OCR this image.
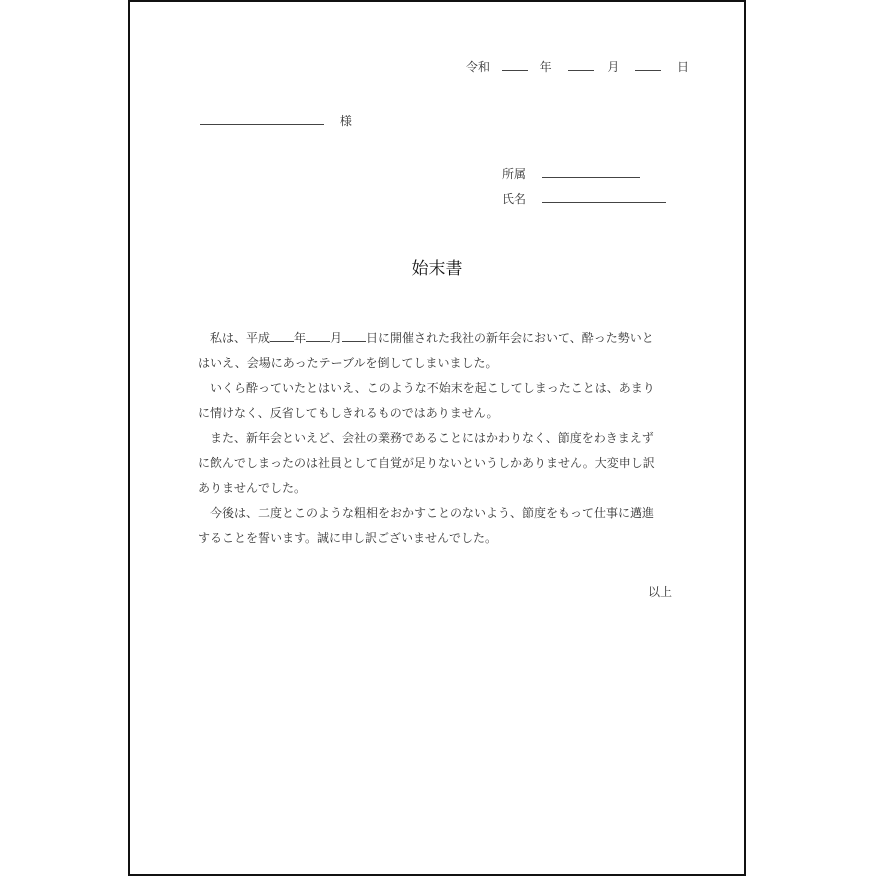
令和	年	月	日
様
所属
氏名
始末書
私は、平成 年 月 日に開催された我社の新年会において、酔った勢いと
はいえ、会場にあったテーブルを倒してしまいました。
いくら酔っていたとはいえ、このような不始末を起こしてしまったことは、あまり
に情けなく、反省してもしきれるものではありません。
また、新年会といえど、会社の業務であることにはかわりなく、節度をわきまえず
に飲んでしまったのは社員として自覚が足りないというしかありません。大変申し訳
ありませんでした。
今後は、二度とこのような粗相をおかすことのないよう、節度をもって仕事に邁進
することを誓います。誠に申し訳ございませんでした。
以上
